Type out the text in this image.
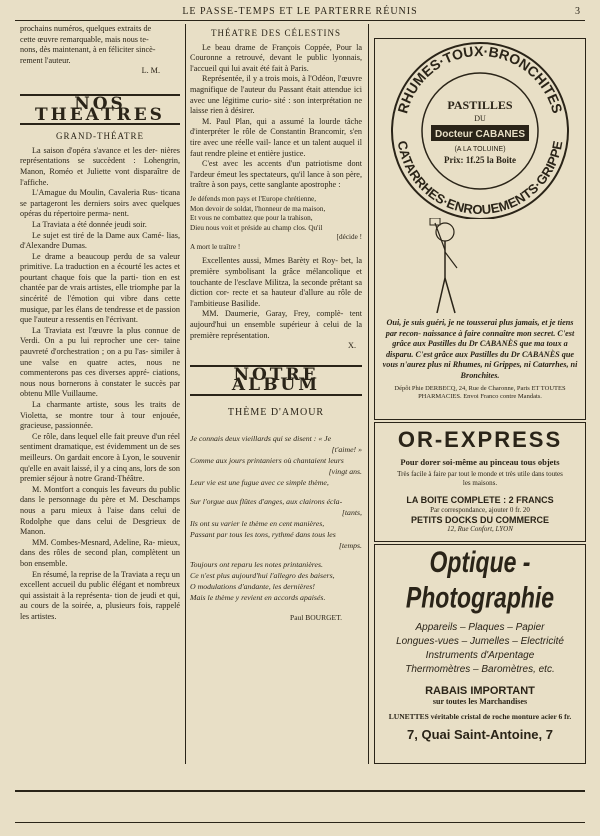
LE PASSE-TEMPS ET LE PARTERRE RÉUNIS	3

prochains numéros, quelques extraits de

cette œuvre remarquable, mais nous te-

nons, dès maintenant, à en féliciter sincè-

rement l'auteur.

L. M.

NOS THEATRES
GRAND-THÉATRE

La saison d'opéra s'avance et les der- nières représentations se succèdent : Lohengrin, Manon, Roméo et Juliette vont disparaître de l'affiche.

L'Amague du Moulin, Cavaleria Rus- ticana se partageront les derniers soirs avec quelques opéras du répertoire perma- nent.

La Traviata a été donnée jeudi soir.

Le sujet est tiré de la Dame aux Camé- lias, d'Alexandre Dumas.

Le drame a beaucoup perdu de sa valeur primitive. La traduction en a écourté les actes et pourtant chaque fois que la parti- tion en est chantée par de vrais artistes, elle triomphe par la sincérité de l'émotion qui vibre dans cette musique, par les élans de tendresse et de passion que l'auteur a ressentis en l'écrivant.

La Traviata est l'œuvre la plus connue de Verdi. On a pu lui reprocher une cer- taine pauvreté d'orchestration ; on a pu l'as- similer à une valse en quatre actes, nous ne commenterons pas ces diverses appré- ciations, nous nous bornerons à constater le succès par obtenu Mlle Vuillaume.

La charmante artiste, sous les traits de Violetta, se montre tour à tour enjouée, gracieuse, passionnée.

Ce rôle, dans lequel elle fait preuve d'un réel sentiment dramatique, est évidemment un de ses meilleurs. On gardait encore à Lyon, le souvenir qu'elle en avait laissé, il y a cinq ans, lors de son premier séjour à notre Grand-Théâtre.

M. Montfort a conquis les faveurs du public dans le personnage du père et M. Deschamps nous a paru mieux à l'aise dans celui de Rodolphe que dans celui de Desgrieux de Manon.

MM. Combes-Mesnard, Adeline, Ra- mieux, dans des rôles de second plan, complètent un bon ensemble.

En résumé, la reprise de la Traviata a reçu un excellent accueil du public élégant et nombreux qui assistait à la représenta- tion de jeudi et qui, au cours de la soirée, a, plusieurs fois, rappelé les artistes.

THÉATRE DES CÉLESTINS

Le beau drame de François Coppée, Pour la Couronne a retrouvé, devant le public lyonnais, l'accueil qui lui avait été fait à Paris.

Représentée, il y a trois mois, à l'Odéon, l'œuvre magnifique de l'auteur du Passant était attendue ici avec une légitime curio- sité : son interprétation ne laisse rien à désirer.

M. Paul Plan, qui a assumé la lourde tâche d'interpréter le rôle de Constantin Brancomir, s'en tire avec une réelle vail- lance et un talent auquel il faut rendre pleine et entière justice.

C'est avec les accents d'un patriotisme dont l'ardeur émeut les spectateurs, qu'il lance à son père, traître à son pays, cette sanglante apostrophe :

Je défends mon pays et l'Europe chrétienne,
Mon devoir de soldat, l'honneur de ma maison,
Et vous ne combattez que pour la trahison,
Dieu nous voit et préside au champ clos. Qu'il
[décide !
A mort le traître !

Excellentes aussi, Mmes Barèty et Roy- bet, la première symbolisant la grâce mélancolique et touchante de l'esclave Militza, la seconde prêtant sa diction cor- recte et sa hauteur d'allure au rôle de l'ambitieuse Basilide.

MM. Daumerie, Garay, Frey, complè- tent aujourd'hui un ensemble supérieur à celui de la première représentation.

X.

NOTRE ALBUM
THÈME D'AMOUR
Je connais deux vieillards qui se disent : « Je
[t'aime! »
Comme aux jours printaniers où chantaient leurs
[vingt ans.
Leur vie est une fugue avec ce simple thème,
Sur l'orgue aux flûtes d'anges, aux clairons écla-
[tants,
Ils ont su varier le thème en cent manières,
Passant par tous les tons, rythmé dans tous les
[temps.
Toujours ont reparu les notes printanières.
Ce n'est plus aujourd'hui l'allegro des baisers,
O modulations d'andante, les dernières!
Mais le thème y revient en accords apaisés.

Paul BOURGET.

RHUMES·TOUX·BRONCHITES
CATARRHES·ENROUEMENTS·GRIPPE
PASTILLES
DU
Docteur CABANES
(A LA TOLUINE)
Prix: 1f.25 la Boite
Oui, je suis guéri, je ne tousserai plus jamais, et je tiens par recon- naissance à faire connaître mon secret. C'est grâce aux Pastilles du Dr CABANÈS que ma toux a disparu. C'est grâce aux Pastilles du Dr CABANÈS que vous n'aurez plus ni Rhumes, ni Grippes, ni Catarrhes, ni Bronchites.
Dépôt Phie DERBECQ, 24, Rue de Charonne, Paris ET TOUTES PHARMACIES. Envoi Franco contre Mandats.
OR-EXPRESS
Pour dorer soi-même au pinceau tous objets
Très facile à faire par tout le monde et très utile dans toutes les maisons.
LA BOITE COMPLETE : 2 FRANCS
Par correspondance, ajouter 0 fr. 20
PETITS DOCKS DU COMMERCE
12, Rue Confort, LYON
Optique - Photographie
Appareils – Plaques – Papier
Longues-vues – Jumelles – Electricité
Instruments d'Arpentage
Thermomètres – Baromètres, etc.
RABAIS IMPORTANT
sur toutes les Marchandises
LUNETTES véritable cristal de roche monture acier 6 fr.
7, Quai Saint-Antoine, 7
